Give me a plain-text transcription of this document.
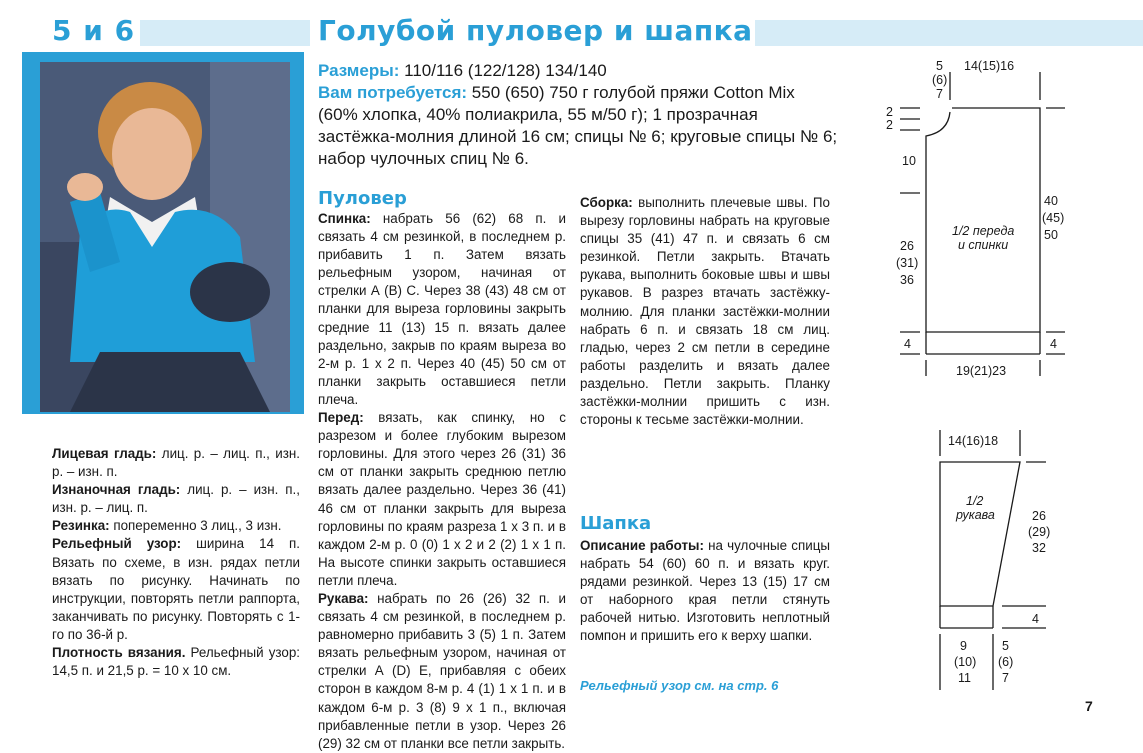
5 и 6	Голубой пуловер и шапка
Размеры: 110/116 (122/128) 134/140
Вам потребуется: 550 (650) 750 г голубой пряжи Cotton Mix (60% хлопка, 40% полиакрила, 55 м/50 г); 1 прозрачная застёжка-молния длиной 16 см; спицы № 6; круговые спицы № 6; набор чулочных спиц № 6.

Лицевая гладь: лиц. р. – лиц. п., изн. р. – изн. п.

Изнаночная гладь: лиц. р. – изн. п., изн. р. – лиц. п.

Резинка: попеременно 3 лиц., 3 изн.

Рельефный узор: ширина 14 п. Вязать по схеме, в изн. рядах петли вязать по рисунку. Начинать по инструкции, повторять петли раппорта, заканчивать по рисунку. Повторять с 1-го по 36-й р.

Плотность вязания. Рельефный узор: 14,5 п. и 21,5 р. = 10 х 10 см.

Пуловер

Спинка: набрать 56 (62) 68 п. и связать 4 см резинкой, в последнем р. прибавить 1 п. Затем вязать рельефным узором, начиная от стрелки А (В) С. Через 38 (43) 48 см от планки для выреза горловины закрыть средние 11 (13) 15 п. вязать далее раздельно, закрыв по краям выреза во 2-м р. 1 х 2 п. Через 40 (45) 50 см от планки закрыть оставшиеся петли плеча.

Перед: вязать, как спинку, но с разрезом и более глубоким вырезом горловины. Для этого через 26 (31) 36 см от планки закрыть среднюю петлю вязать далее раздельно. Через 36 (41) 46 см от планки закрыть для выреза горловины по краям разреза 1 х 3 п. и в каждом 2-м р. 0 (0) 1 х 2 и 2 (2) 1 х 1 п. На высоте спинки закрыть оставшиеся петли плеча.

Рукава: набрать по 26 (26) 32 п. и связать 4 см резинкой, в последнем р. равномерно прибавить 3 (5) 1 п. Затем вязать рельефным узором, начиная от стрелки А (D) Е, прибавляя с обеих сторон в каждом 8-м р. 4 (1) 1 х 1 п. и в каждом 6-м р. 3 (8) 9 х 1 п., включая прибавленные петли в узор. Через 26 (29) 32 см от планки все петли закрыть.

Сборка: выполнить плечевые швы. По вырезу горловины набрать на круговые спицы 35 (41) 47 п. и связать 6 см резинкой. Петли закрыть. Втачать рукава, выполнить боковые швы и швы рукавов. В разрез втачать застёжку-молнию. Для планки застёжки-молнии набрать 6 п. и связать 18 см лиц. гладью, через 2 см петли в середине работы разделить и вязать далее раздельно. Петли закрыть. Планку застёжки-молнии пришить с изн. стороны к тесьме застёжки-молнии.

Шапка

Описание работы: на чулочные спицы набрать 54 (60) 60 п. и вязать круг. рядами резинкой. Через 13 (15) 17 см от наборного края петли стянуть рабочей нитью. Изготовить неплотный помпон и пришить его к верху шапки.

Рельефный узор см. на стр. 6
5
(6)
7
14(15)16
2
2
10
40
(45)
50
26
(31)
36
1/2 переда
и спинки
4	4
19(21)23
14(16)18
1/2
рукава	26
(29)
32
4
9
(10)
11
5
(6)
7
7
